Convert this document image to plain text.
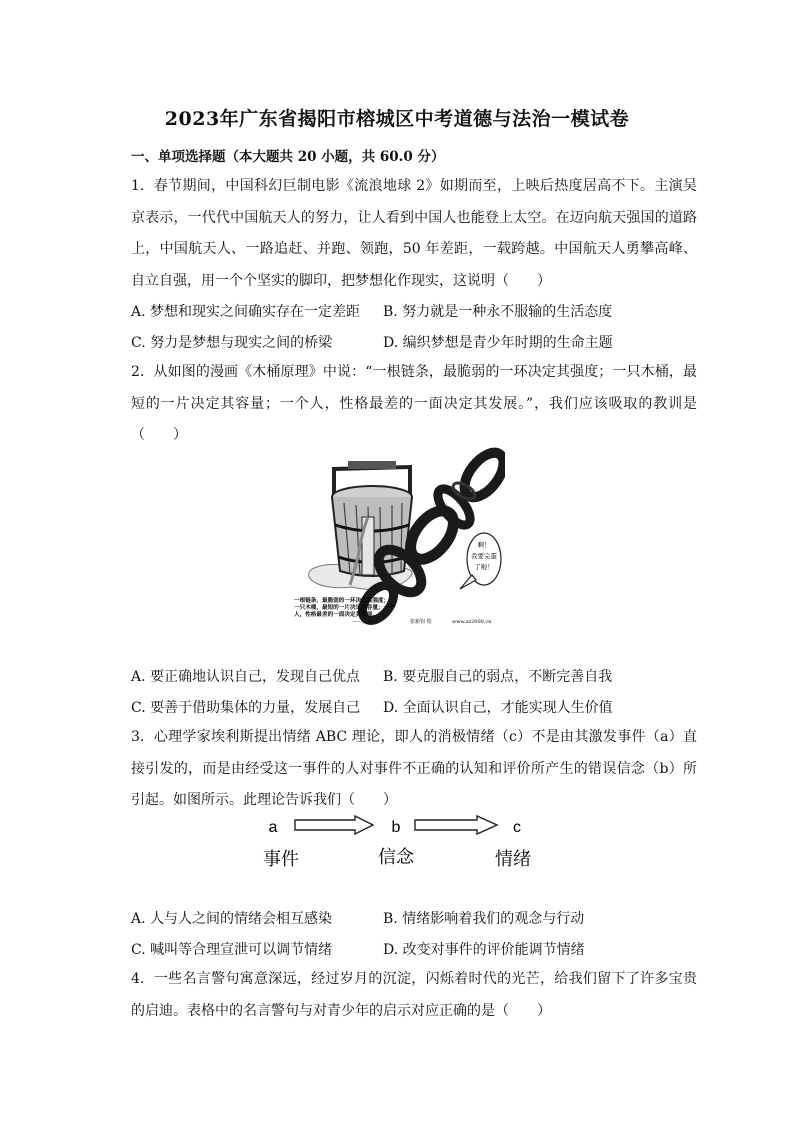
2023年广东省揭阳市榕城区中考道德与法治一模试卷
一、单项选择题（本大题共 20 小题，共 60.0 分）
1.  春节期间，中国科幻巨制电影《流浪地球 2》如期而至，上映后热度居高不下。主演吴京表示，一代代中国航天人的努力，让人看到中国人也能登上太空。在迈向航天强国的道路上，中国航天人、一路追赶、并跑、领跑，50 年差距，一载跨越。中国航天人勇攀高峰、自立自强，用一个个坚实的脚印，把梦想化作现实，这说明（　　）
A. 梦想和现实之间确实存在一定差距 B. 努力就是一种永不服输的生活态度
C. 努力是梦想与现实之间的桥梁	D. 编织梦想是青少年时期的生命主题
2.  从如图的漫画《木桶原理》中说：“一根链条，最脆弱的一环决定其强度；一只木桶，最短的一片决定其容量；一个人，性格最差的一面决定其发展。”，我们应该吸取的教训是（　　）
啊！
我要完蛋
了啦！
一根链条，最脆弱的一环决定其强度；
一只木桶，最短的一片决定其容量；一个
人，性格最差的一面决定其发展。
——佚名	张新钧 绘	www.zz2000.cn
A. 要正确地认识自己，发现自己优点 B. 要克服自己的弱点，不断完善自我
C. 要善于借助集体的力量，发展自己 D. 全面认识自己，才能实现人生价值
3.  心理学家埃利斯提出情绪 ABC 理论，即人的消极情绪（c）不是由其激发事件（a）直接引发的，而是由经受这一事件的人对事件不正确的认知和评价所产生的错误信念（b）所引起。如图所示。此理论告诉我们（　　）
a	b	c
事件	信念	情绪
A. 人与人之间的情绪会相互感染	B. 情绪影响着我们的观念与行动
C. 喊叫等合理宣泄可以调节情绪	D. 改变对事件的评价能调节情绪
4.  一些名言警句寓意深远，经过岁月的沉淀，闪烁着时代的光芒，给我们留下了许多宝贵的启迪。表格中的名言警句与对青少年的启示对应正确的是（　　）
